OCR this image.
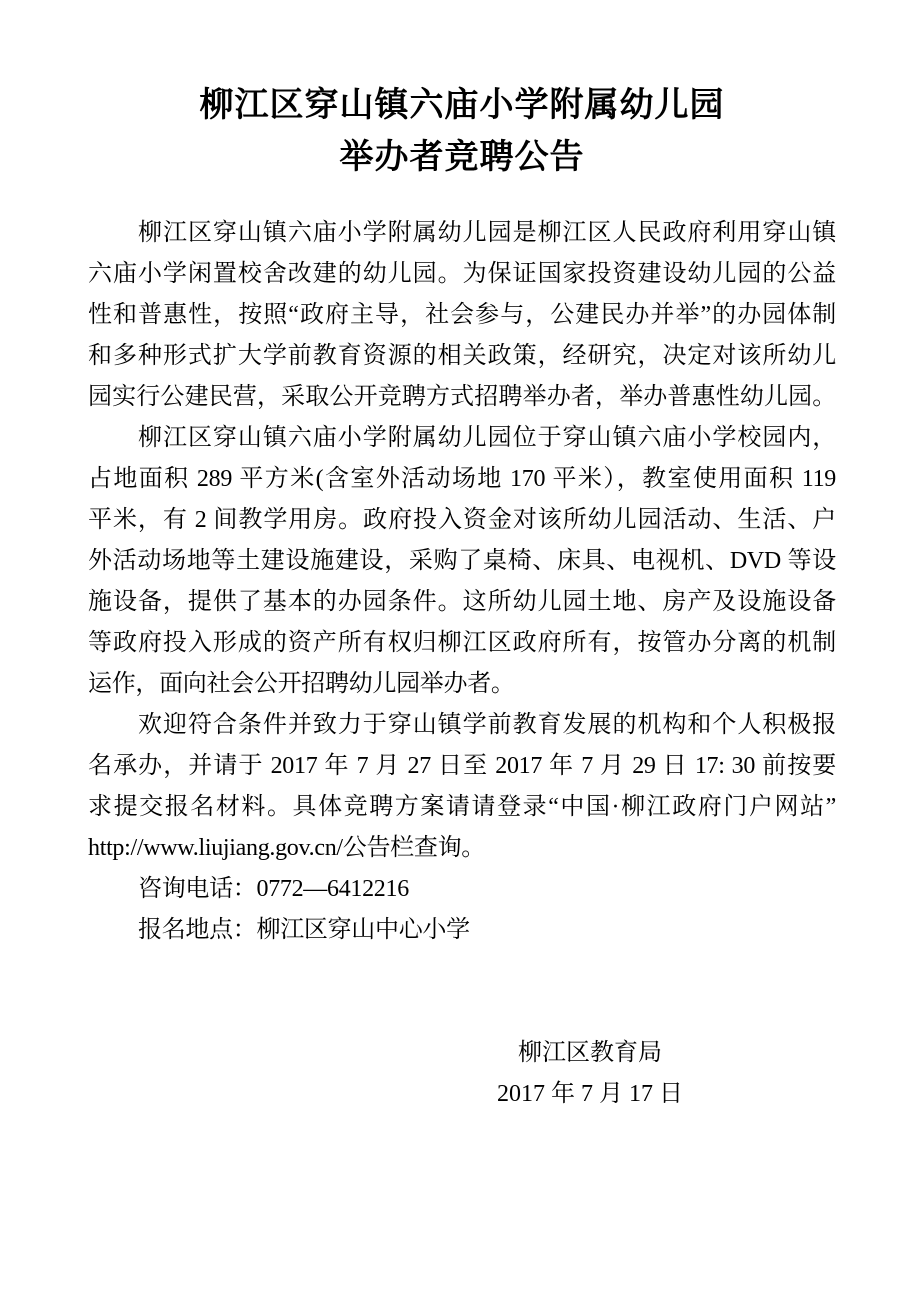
柳江区穿山镇六庙小学附属幼儿园
举办者竞聘公告
柳江区穿山镇六庙小学附属幼儿园是柳江区人民政府利用穿山镇
六庙小学闲置校舍改建的幼儿园。为保证国家投资建设幼儿园的公益
性和普惠性，按照“政府主导，社会参与，公建民办并举”的办园体制
和多种形式扩大学前教育资源的相关政策，经研究，决定对该所幼儿
园实行公建民营，采取公开竞聘方式招聘举办者，举办普惠性幼儿园。
柳江区穿山镇六庙小学附属幼儿园位于穿山镇六庙小学校园内，
占地面积 289 平方米(含室外活动场地 170 平米），教室使用面积 119
平米，有 2 间教学用房。政府投入资金对该所幼儿园活动、生活、户
外活动场地等土建设施建设，采购了桌椅、床具、电视机、DVD 等设
施设备，提供了基本的办园条件。这所幼儿园土地、房产及设施设备
等政府投入形成的资产所有权归柳江区政府所有，按管办分离的机制
运作，面向社会公开招聘幼儿园举办者。
欢迎符合条件并致力于穿山镇学前教育发展的机构和个人积极报
名承办，并请于 2017 年 7 月 27 日至 2017 年 7 月 29 日 17: 30 前按要
求提交报名材料。具体竞聘方案请请登录“中国·柳江政府门户网站”
http://www.liujiang.gov.cn/公告栏查询。
咨询电话：0772—6412216
报名地点：柳江区穿山中心小学
柳江区教育局
2017 年 7 月 17 日
